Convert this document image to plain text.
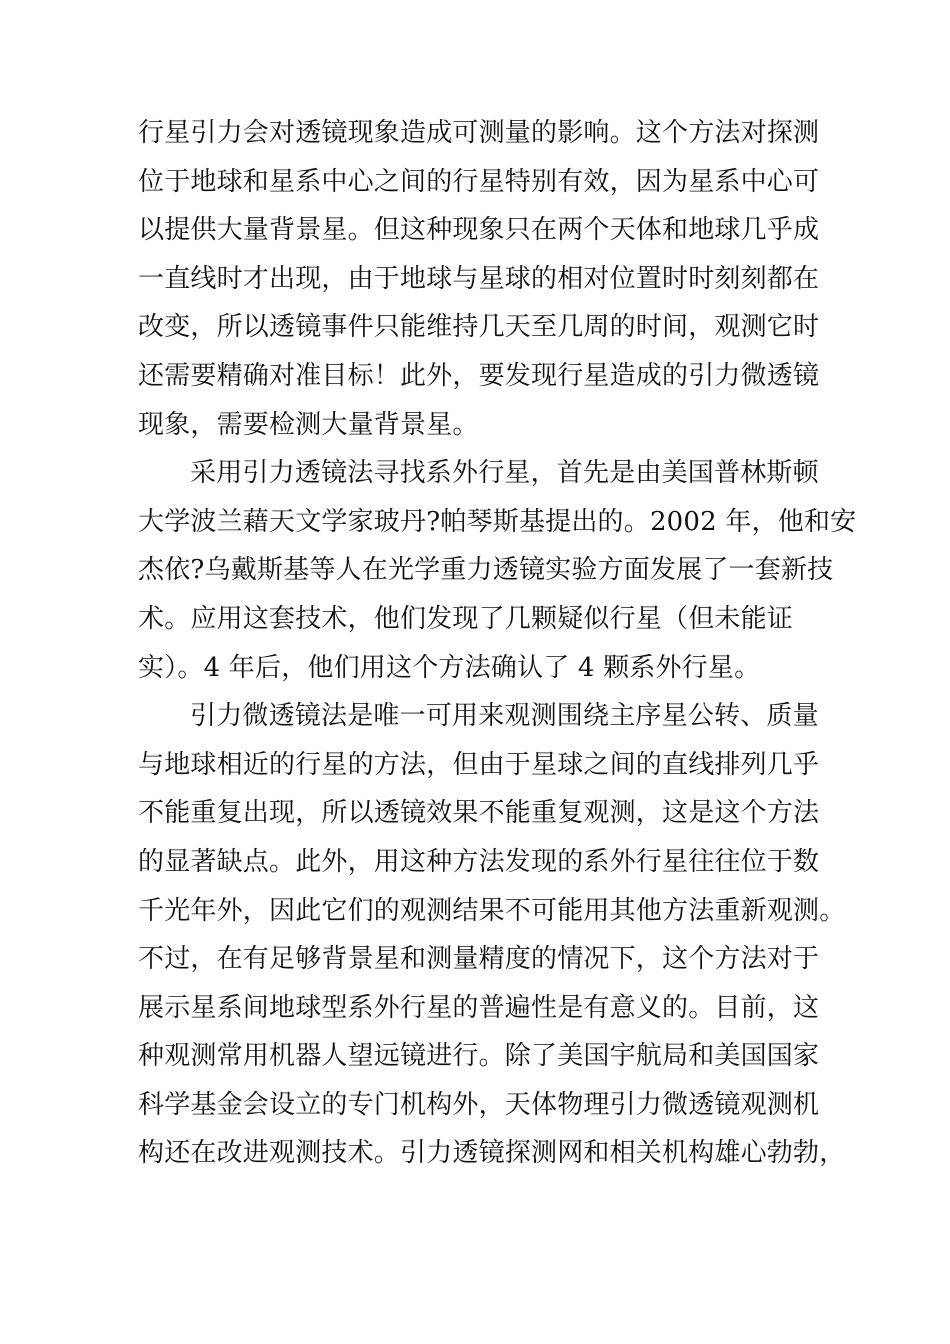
行星引力会对透镜现象造成可测量的影响。这个方法对探测
位于地球和星系中心之间的行星特别有效，因为星系中心可
以提供大量背景星。但这种现象只在两个天体和地球几乎成
一直线时才出现，由于地球与星球的相对位置时时刻刻都在
改变，所以透镜事件只能维持几天至几周的时间，观测它时
还需要精确对准目标！此外，要发现行星造成的引力微透镜
现象，需要检测大量背景星。
采用引力透镜法寻找系外行星，首先是由美国普林斯顿
大学波兰藉天文学家玻丹?帕琴斯基提出的。2002 年，他和安
杰依?乌戴斯基等人在光学重力透镜实验方面发展了一套新技
术。应用这套技术，他们发现了几颗疑似行星（但未能证
实）。4 年后，他们用这个方法确认了 4 颗系外行星。
引力微透镜法是唯一可用来观测围绕主序星公转、质量
与地球相近的行星的方法，但由于星球之间的直线排列几乎
不能重复出现，所以透镜效果不能重复观测，这是这个方法
的显著缺点。此外，用这种方法发现的系外行星往往位于数
千光年外，因此它们的观测结果不可能用其他方法重新观测。
不过，在有足够背景星和测量精度的情况下，这个方法对于
展示星系间地球型系外行星的普遍性是有意义的。目前，这
种观测常用机器人望远镜进行。除了美国宇航局和美国国家
科学基金会设立的专门机构外，天体物理引力微透镜观测机
构还在改进观测技术。引力透镜探测网和相关机构雄心勃勃，
